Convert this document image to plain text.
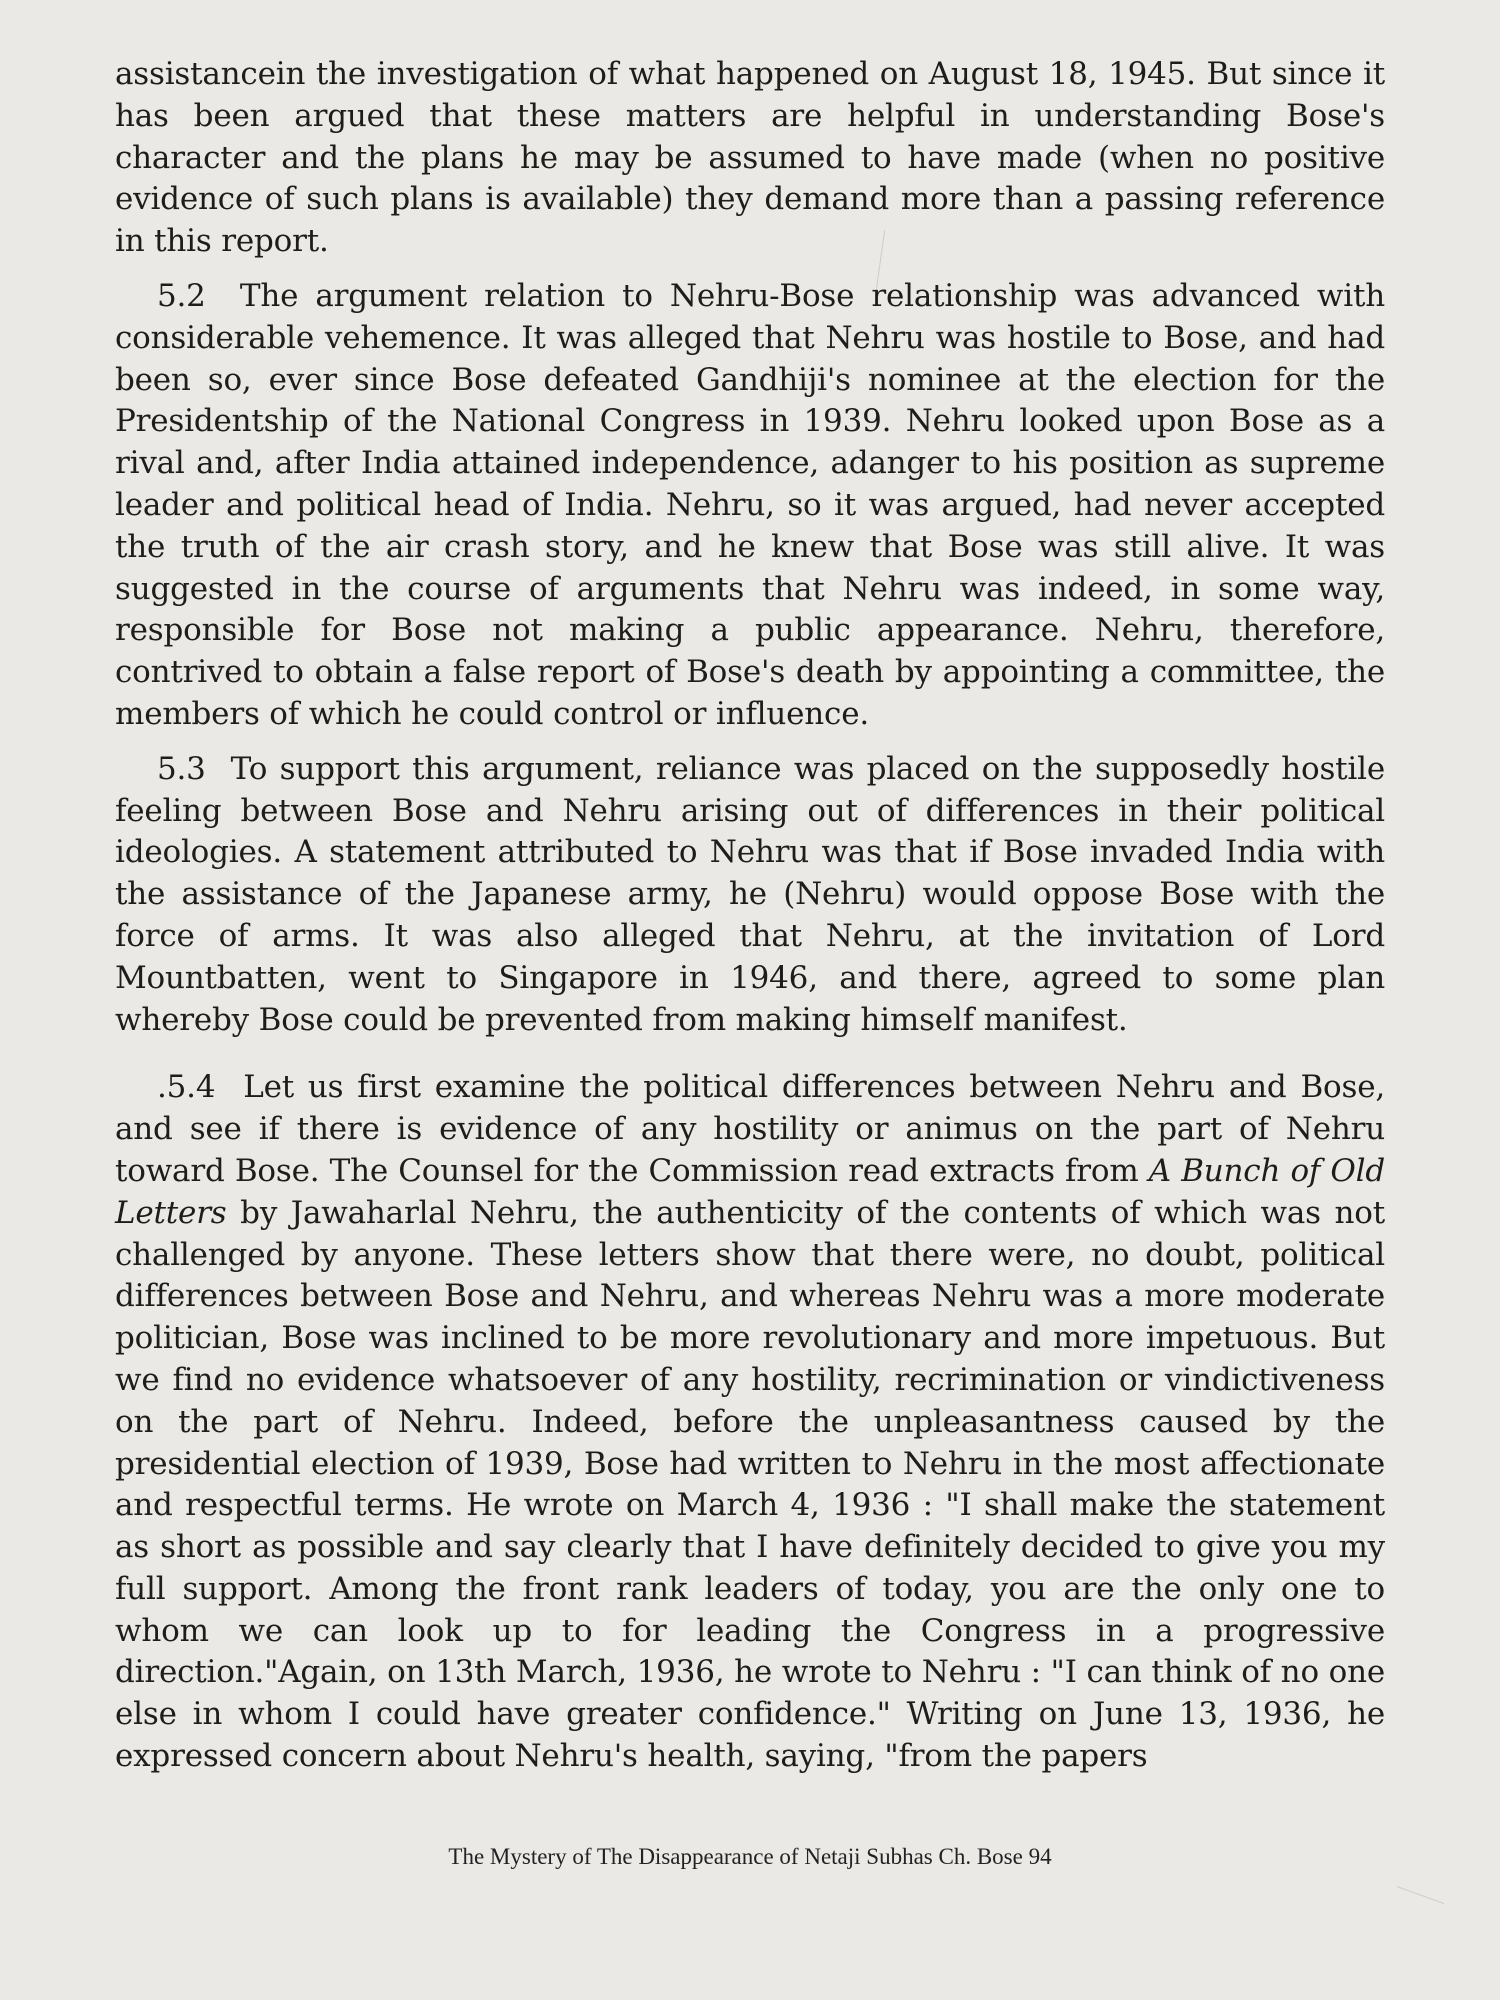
assistancein the investigation of what happened on August 18, 1945. But since it has been argued that these matters are helpful in understanding Bose's character and the plans he may be assumed to have made (when no positive evidence of such plans is available) they demand more than a passing reference in this report.

5.2 The argument relation to Nehru-Bose relationship was advanced with considerable vehemence. It was alleged that Nehru was hostile to Bose, and had been so, ever since Bose defeated Gandhiji's nominee at the election for the Presidentship of the National Congress in 1939. Nehru looked upon Bose as a rival and, after India attained independence, adanger to his position as supreme leader and political head of India. Nehru, so it was argued, had never accepted the truth of the air crash story, and he knew that Bose was still alive. It was suggested in the course of arguments that Nehru was indeed, in some way, responsible for Bose not making a public appearance. Nehru, therefore, contrived to obtain a false report of Bose's death by appointing a committee, the members of which he could control or influence.

5.3 To support this argument, reliance was placed on the supposedly hostile feeling between Bose and Nehru arising out of differences in their political ideologies. A statement attributed to Nehru was that if Bose invaded India with the assistance of the Japanese army, he (Nehru) would oppose Bose with the force of arms. It was also alleged that Nehru, at the invitation of Lord Mountbatten, went to Singapore in 1946, and there, agreed to some plan whereby Bose could be prevented from making himself manifest.

.5.4 Let us first examine the political differences between Nehru and Bose, and see if there is evidence of any hostility or animus on the part of Nehru toward Bose. The Counsel for the Commission read extracts from A Bunch of Old Letters by Jawaharlal Nehru, the authenticity of the contents of which was not challenged by anyone. These letters show that there were, no doubt, political differences between Bose and Nehru, and whereas Nehru was a more moderate politician, Bose was inclined to be more revolutionary and more impetuous. But we find no evidence whatsoever of any hostility, recrimination or vindictiveness on the part of Nehru. Indeed, before the unpleasantness caused by the presidential election of 1939, Bose had written to Nehru in the most affectionate and respectful terms. He wrote on March 4, 1936 : "I shall make the statement as short as possible and say clearly that I have definitely decided to give you my full support. Among the front rank leaders of today, you are the only one to whom we can look up to for leading the Congress in a progressive direction."Again, on 13th March, 1936, he wrote to Nehru : "I can think of no one else in whom I could have greater confidence." Writing on June 13, 1936, he expressed concern about Nehru's health, saying, "from the papers

The Mystery of The Disappearance of Netaji Subhas Ch. Bose 94
